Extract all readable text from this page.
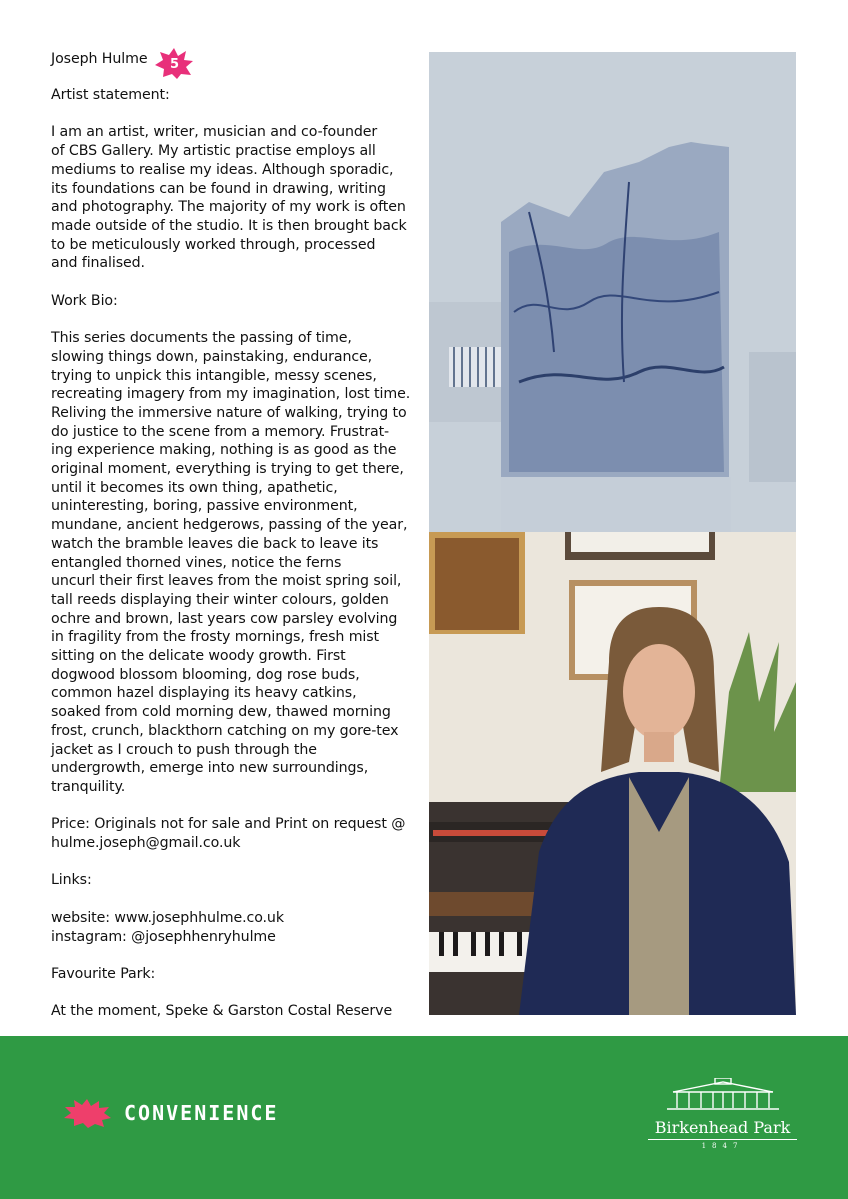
Joseph Hulme	5

Artist statement:

I am an artist, writer, musician and co-founder
of CBS Gallery. My artistic practise employs all
mediums to realise my ideas. Although sporadic,
its foundations can be found in drawing, writing
and photography. The majority of my work is often
made outside of the studio. It is then brought back
to be meticulously worked through, processed
and finalised.

Work Bio:

This series documents the passing of time,
slowing things down, painstaking, endurance,
trying to unpick this intangible, messy scenes,
recreating imagery from my imagination, lost time.
Reliving the immersive nature of walking, trying to
do justice to the scene from a memory. Frustrat-
ing experience making, nothing is as good as the
original moment, everything is trying to get there,
until it becomes its own thing, apathetic,
uninteresting, boring, passive environment,
mundane, ancient hedgerows, passing of the year,
watch the bramble leaves die back to leave its
entangled thorned vines, notice the ferns
uncurl their first leaves from the moist spring soil,
tall reeds displaying their winter colours, golden
ochre and brown, last years cow parsley evolving
in fragility from the frosty mornings, fresh mist
sitting on the delicate woody growth. First
dogwood blossom blooming, dog rose buds,
common hazel displaying its heavy catkins,
soaked from cold morning dew, thawed morning
frost, crunch, blackthorn catching on my gore-tex
jacket as I crouch to push through the
undergrowth, emerge into new surroundings,
tranquility.

Price: Originals not for sale and Print on request @
hulme.joseph@gmail.co.uk

Links:

website: www.josephhulme.co.uk
instagram: @josephhenryhulme

Favourite Park:

At the moment, Speke & Garston Costal Reserve

CONVENIENCE
Birkenhead Park
1847
